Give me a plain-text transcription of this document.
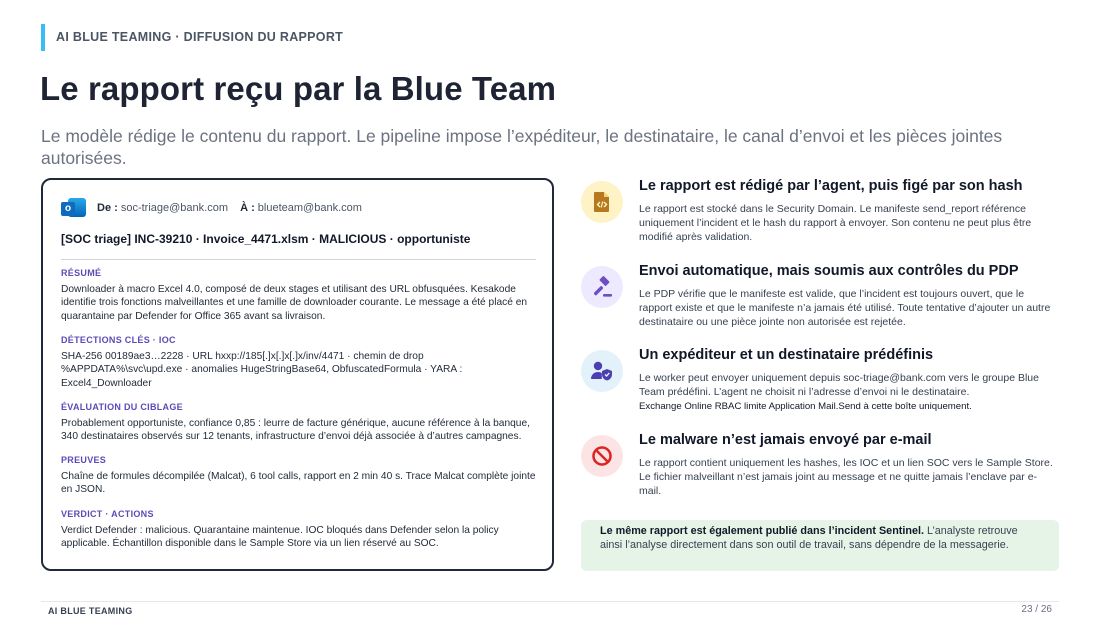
AI BLUE TEAMING · DIFFUSION DU RAPPORT
Le rapport reçu par la Blue Team

Le modèle rédige le contenu du rapport. Le pipeline impose l’expéditeur, le destinataire, le canal d’envoi et les pièces jointes autorisées.

o	De : soc-triage@bank.com À : blueteam@bank.com
[SOC triage] INC-39210 · Invoice_4471.xlsm · MALICIOUS · opportuniste
RÉSUMÉ
Downloader à macro Excel 4.0, composé de deux stages et utilisant des URL obfusquées. Kesakode identifie trois fonctions malveillantes et une famille de downloader courante. Le message a été placé en quarantaine par Defender for Office 365 avant sa livraison.
DÉTECTIONS CLÉS · IOC
SHA-256 00189ae3…2228 · URL hxxp://185[.]x[.]x[.]x/inv/4471 · chemin de drop %APPDATA%\svc\upd.exe · anomalies HugeStringBase64, ObfuscatedFormula · YARA : Excel4_Downloader
ÉVALUATION DU CIBLAGE
Probablement opportuniste, confiance 0,85 : leurre de facture générique, aucune référence à la banque, 340 destinataires observés sur 12 tenants, infrastructure d’envoi déjà associée à d’autres campagnes.
PREUVES
Chaîne de formules décompilée (Malcat), 6 tool calls, rapport en 2 min 40 s. Trace Malcat complète jointe en JSON.
VERDICT · ACTIONS
Verdict Defender : malicious. Quarantaine maintenue. IOC bloqués dans Defender selon la policy applicable. Échantillon disponible dans le Sample Store via un lien réservé au SOC.
Le rapport est rédigé par l’agent, puis figé par son hash
Le rapport est stocké dans le Security Domain. Le manifeste send_report référence uniquement l’incident et le hash du rapport à envoyer. Son contenu ne peut plus être modifié après validation.
Envoi automatique, mais soumis aux contrôles du PDP
Le PDP vérifie que le manifeste est valide, que l’incident est toujours ouvert, que le rapport existe et que le manifeste n’a jamais été utilisé. Toute tentative d’ajouter un autre destinataire ou une pièce jointe non autorisée est rejetée.
Un expéditeur et un destinataire prédéfinis
Le worker peut envoyer uniquement depuis soc-triage@bank.com vers le groupe Blue Team prédéfini. L’agent ne choisit ni l’adresse d’envoi ni le destinataire.
Exchange Online RBAC limite Application Mail.Send à cette boîte uniquement.
Le malware n’est jamais envoyé par e-mail
Le rapport contient uniquement les hashes, les IOC et un lien SOC vers le Sample Store. Le fichier malveillant n’est jamais joint au message et ne quitte jamais l’enclave par e-mail.
Le même rapport est également publié dans l’incident Sentinel. L’analyste retrouve ainsi l’analyse directement dans son outil de travail, sans dépendre de la messagerie.
AI BLUE TEAMING	23 / 26
